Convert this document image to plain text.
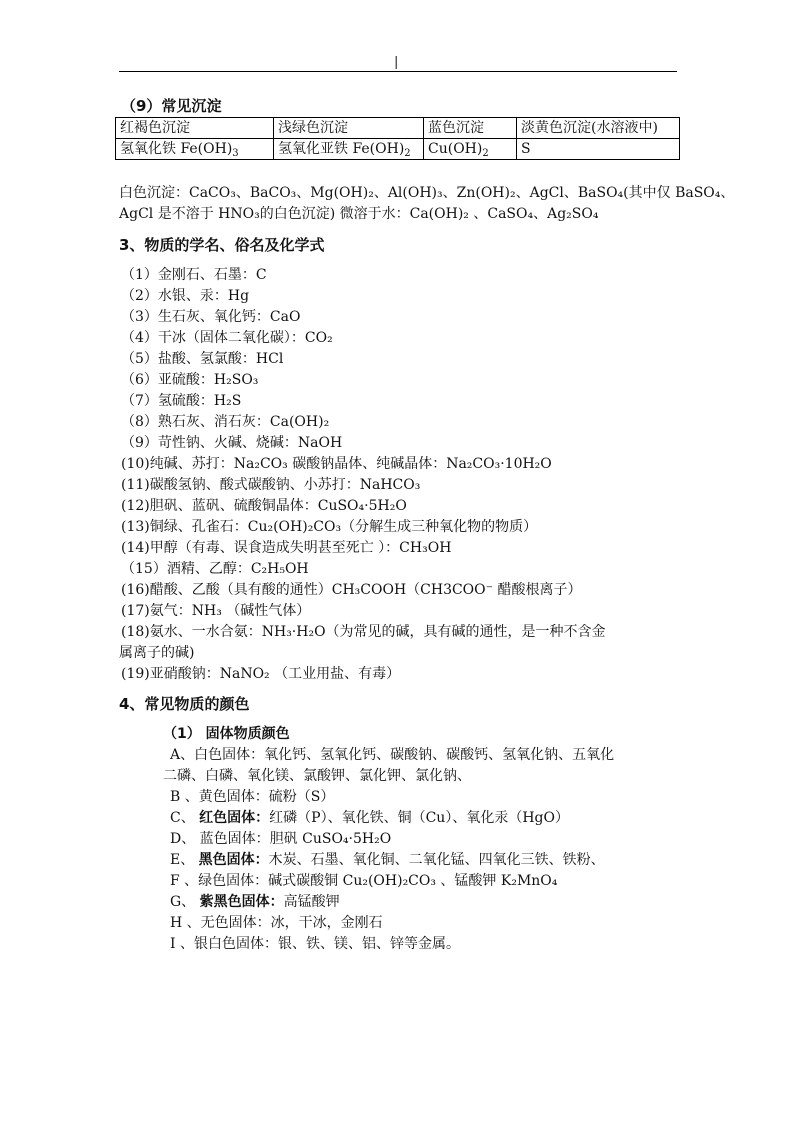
|
（9）常见沉淀
红褐色沉淀	浅绿色沉淀	蓝色沉淀	淡黄色沉淀(水溶液中)
氢氧化铁 $Fe(OH)_3$	氢氧化亚铁 $Fe(OH)_2$	$Cu(OH)_2$	S
白色沉淀：CaCO₃、BaCO₃、Mg(OH)₂、Al(OH)₃、Zn(OH)₂、AgCl、BaSO₄(其中仅 BaSO₄、
AgCl 是不溶于 HNO₃的白色沉淀) 微溶于水：Ca(OH)₂ 、CaSO₄、Ag₂SO₄
3、物质的学名、俗名及化学式
（1）金刚石、石墨：C
（2）水银、汞：Hg
（3）生石灰、氧化钙：CaO
（4）干冰（固体二氧化碳）：CO₂
（5）盐酸、氢氯酸：HCl
（6）亚硫酸：H₂SO₃
（7）氢硫酸：H₂S
（8）熟石灰、消石灰：Ca(OH)₂
（9）苛性钠、火碱、烧碱：NaOH
(10)纯碱、苏打：Na₂CO₃ 碳酸钠晶体、纯碱晶体：Na₂CO₃·10H₂O
(11)碳酸氢钠、酸式碳酸钠、小苏打：NaHCO₃
(12)胆矾、蓝矾、硫酸铜晶体：CuSO₄·5H₂O
(13)铜绿、孔雀石：Cu₂(OH)₂CO₃（分解生成三种氧化物的物质）
(14)甲醇（有毒、误食造成失明甚至死亡 ）：CH₃OH
（15）酒精、乙醇：C₂H₅OH
(16)醋酸、乙酸（具有酸的通性）CH₃COOH（CH3COO⁻ 醋酸根离子）
(17)氨气：NH₃ （碱性气体）
(18)氨水、一水合氨：NH₃·H₂O（为常见的碱，具有碱的通性，是一种不含金
属离子的碱)
(19)亚硝酸钠：NaNO₂ （工业用盐、有毒）
4、常见物质的颜色
（1） 固体物质颜色
A、白色固体：氧化钙、氢氧化钙、碳酸钠、碳酸钙、氢氧化钠、五氧化
二磷、白磷、氧化镁、氯酸钾、氯化钾、氯化钠、
B 、黄色固体：硫粉（S）
C、 红色固体：红磷（P）、氧化铁、铜（Cu）、氧化汞（HgO）
D、 蓝色固体：胆矾 CuSO₄·5H₂O
E、 黑色固体：木炭、石墨、氧化铜、二氧化锰、四氧化三铁、铁粉、
F 、绿色固体：碱式碳酸铜 Cu₂(OH)₂CO₃ 、锰酸钾 K₂MnO₄
G、 紫黑色固体：高锰酸钾
H 、无色固体：冰，干冰，金刚石
I 、银白色固体：银、铁、镁、铝、锌等金属。
